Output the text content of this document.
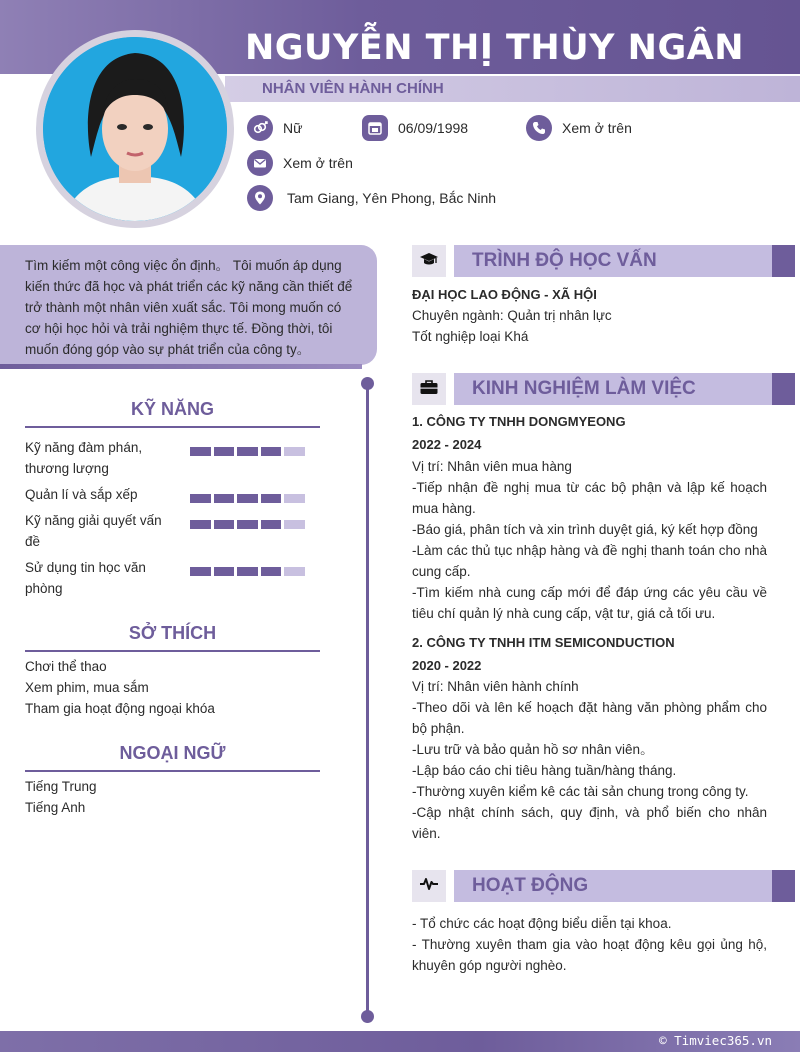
NGUYỄN THỊ THÙY NGÂN
NHÂN VIÊN HÀNH CHÍNH
Nữ	06/09/1998	Xem ở trên
Xem ở trên
Tam Giang, Yên Phong, Bắc Ninh
Tìm kiếm một công việc ổn định。 Tôi muốn áp dụng kiến thức đã học và phát triển các kỹ năng cần thiết để trở thành một nhân viên xuất sắc. Tôi mong muốn có cơ hội học hỏi và trải nghiệm thực tế. Đồng thời, tôi muốn đóng góp vào sự phát triển của công ty。
KỸ NĂNG
Kỹ năng đàm phán, thương lượng
Quản lí và sắp xếp
Kỹ năng giải quyết vấn đề
Sử dụng tin học văn phòng
SỞ THÍCH
Chơi thể thao
Xem phim, mua sắm
Tham gia hoạt động ngoại khóa
NGOẠI NGỮ
Tiếng Trung
Tiếng Anh
TRÌNH ĐỘ HỌC VẤN
ĐẠI HỌC LAO ĐỘNG - XÃ HỘI
Chuyên ngành: Quản trị nhân lực
Tốt nghiệp loại Khá
KINH NGHIỆM LÀM VIỆC
1. CÔNG TY TNHH DONGMYEONG
2022 - 2024
Vị trí: Nhân viên mua hàng
-Tiếp nhận đề nghị mua từ các bộ phận và lập kế hoạch mua hàng.
-Báo giá, phân tích và xin trình duyệt giá, ký kết hợp đồng
-Làm các thủ tục nhập hàng và đề nghị thanh toán cho nhà cung cấp.
-Tìm kiếm nhà cung cấp mới để đáp ứng các yêu cầu về tiêu chí quản lý nhà cung cấp, vật tư, giá cả tối ưu.
2. CÔNG TY TNHH ITM SEMICONDUCTION
2020 - 2022
Vị trí: Nhân viên hành chính
-Theo dõi và lên kế hoạch đặt hàng văn phòng phẩm cho bộ phận.
-Lưu trữ và bảo quản hồ sơ nhân viên。
-Lập báo cáo chi tiêu hàng tuần/hàng tháng.
-Thường xuyên kiểm kê các tài sản chung trong công ty.
-Cập nhật chính sách, quy định, và phổ biến cho nhân viên.
HOẠT ĐỘNG
- Tổ chức các hoạt động biểu diễn tại khoa.
- Thường xuyên tham gia vào hoạt động kêu gọi ủng hộ, khuyên góp người nghèo.
© Timviec365.vn
